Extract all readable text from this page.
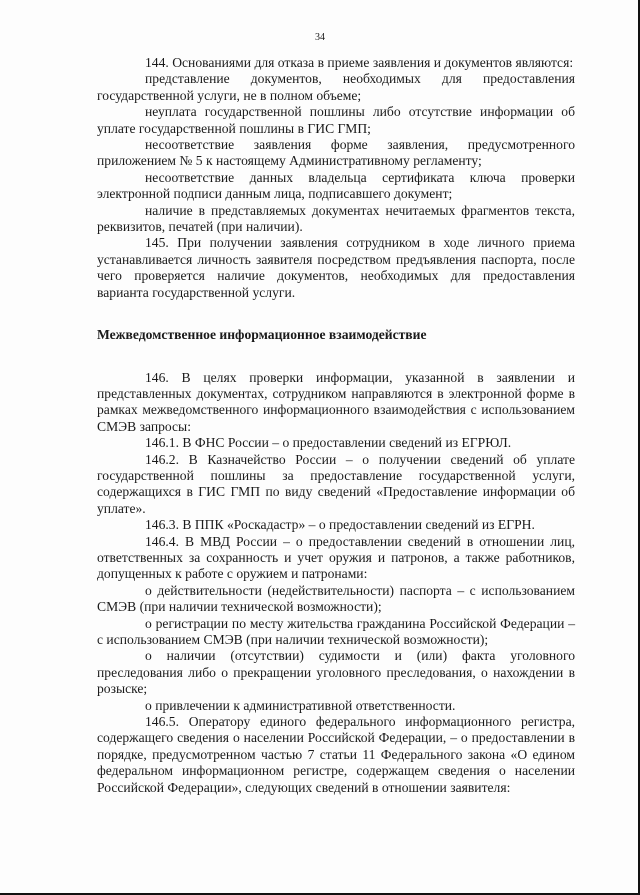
34

144. Основаниями для отказа в приеме заявления и документов являются:

представление документов, необходимых для предоставления государственной услуги, не в полном объеме;

неуплата государственной пошлины либо отсутствие информации об уплате государственной пошлины в ГИС ГМП;

несоответствие заявления форме заявления, предусмотренного приложением № 5 к настоящему Административному регламенту;

несоответствие данных владельца сертификата ключа проверки электронной подписи данным лица, подписавшего документ;

наличие в представляемых документах нечитаемых фрагментов текста, реквизитов, печатей (при наличии).

145. При получении заявления сотрудником в ходе личного приема устанавливается личность заявителя посредством предъявления паспорта, после чего проверяется наличие документов, необходимых для предоставления варианта государственной услуги.

Межведомственное информационное взаимодействие

146. В целях проверки информации, указанной в заявлении и представленных документах, сотрудником направляются в электронной форме в рамках межведомственного информационного взаимодействия с использованием СМЭВ запросы:

146.1. В ФНС России – о предоставлении сведений из ЕГРЮЛ.

146.2. В Казначейство России – о получении сведений об уплате государственной пошлины за предоставление государственной услуги, содержащихся в ГИС ГМП по виду сведений «Предоставление информации об уплате».

146.3. В ППК «Роскадастр» – о предоставлении сведений из ЕГРН.

146.4. В МВД России – о предоставлении сведений в отношении лиц, ответственных за сохранность и учет оружия и патронов, а также работников, допущенных к работе с оружием и патронами:

о действительности (недействительности) паспорта – с использованием СМЭВ (при наличии технической возможности);

о регистрации по месту жительства гражданина Российской Федерации – с использованием СМЭВ (при наличии технической возможности);

о наличии (отсутствии) судимости и (или) факта уголовного преследования либо о прекращении уголовного преследования, о нахождении в розыске;

о привлечении к административной ответственности.

146.5. Оператору единого федерального информационного регистра, содержащего сведения о населении Российской Федерации, – о предоставлении в порядке, предусмотренном частью 7 статьи 11 Федерального закона «О едином федеральном информационном регистре, содержащем сведения о населении Российской Федерации», следующих сведений в отношении заявителя:
